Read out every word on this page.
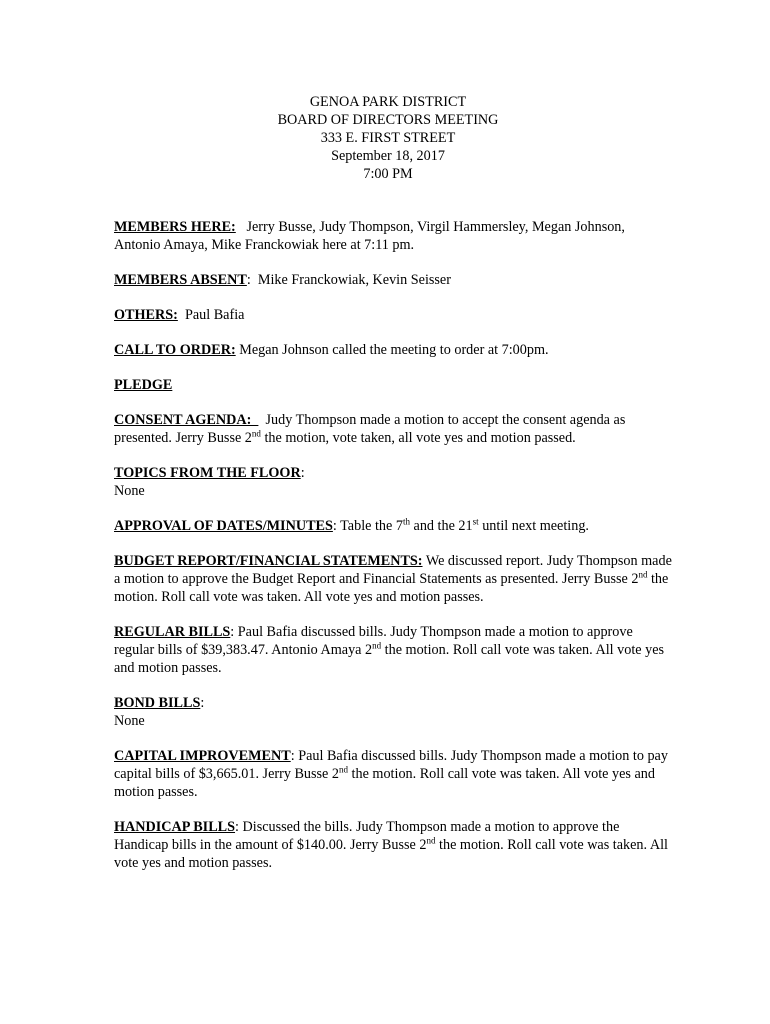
GENOA PARK DISTRICT
BOARD OF DIRECTORS MEETING
333 E. FIRST STREET
September 18, 2017
7:00 PM

MEMBERS HERE:   Jerry Busse, Judy Thompson, Virgil Hammersley, Megan Johnson, Antonio Amaya, Mike Franckowiak here at 7:11 pm.

MEMBERS ABSENT:  Mike Franckowiak, Kevin Seisser

OTHERS:  Paul Bafia

CALL TO ORDER: Megan Johnson called the meeting to order at 7:00pm.

PLEDGE

CONSENT AGENDA:    Judy Thompson made a motion to accept the consent agenda as presented. Jerry Busse 2nd the motion, vote taken, all vote yes and motion passed.

TOPICS FROM THE FLOOR:
None

APPROVAL OF DATES/MINUTES: Table the 7th and the 21st until next meeting.

BUDGET REPORT/FINANCIAL STATEMENTS: We discussed report. Judy Thompson made a motion to approve the Budget Report and Financial Statements as presented. Jerry Busse 2nd the motion. Roll call vote was taken. All vote yes and motion passes.

REGULAR BILLS: Paul Bafia discussed bills. Judy Thompson made a motion to approve regular bills of $39,383.47. Antonio Amaya 2nd the motion. Roll call vote was taken. All vote yes and motion passes.

BOND BILLS:
None

CAPITAL IMPROVEMENT: Paul Bafia discussed bills. Judy Thompson made a motion to pay capital bills of $3,665.01. Jerry Busse 2nd the motion. Roll call vote was taken. All vote yes and motion passes.

HANDICAP BILLS: Discussed the bills. Judy Thompson made a motion to approve the Handicap bills in the amount of $140.00. Jerry Busse 2nd the motion. Roll call vote was taken. All vote yes and motion passes.
